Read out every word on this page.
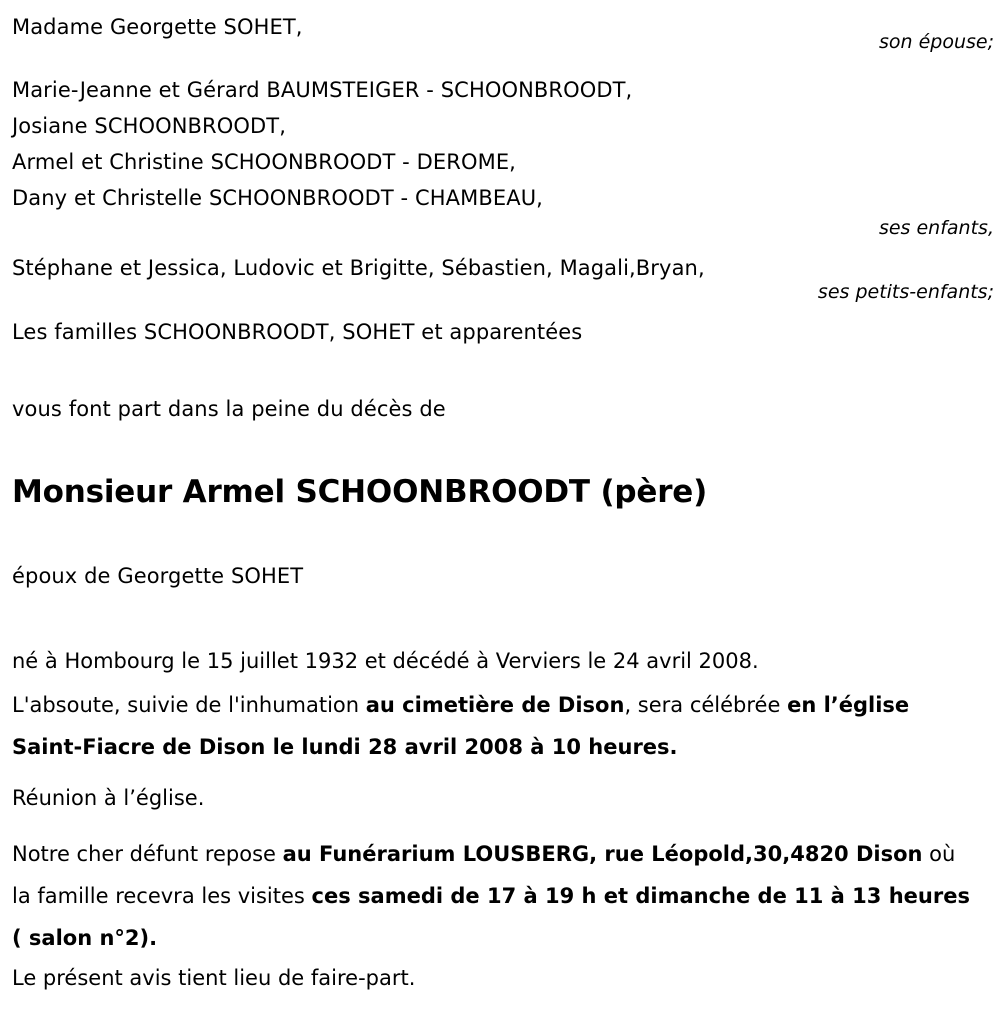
Madame Georgette SOHET,
son épouse;
Marie-Jeanne et Gérard BAUMSTEIGER - SCHOONBROODT,
Josiane SCHOONBROODT,
Armel et Christine SCHOONBROODT - DEROME,
Dany et Christelle SCHOONBROODT - CHAMBEAU,
ses enfants,
Stéphane et Jessica, Ludovic et Brigitte, Sébastien, Magali,Bryan,
ses petits-enfants;
Les familles SCHOONBROODT, SOHET et apparentées
vous font part dans la peine du décès de
Monsieur Armel SCHOONBROODT (père)
époux de Georgette SOHET
né à Hombourg le 15 juillet 1932 et décédé à Verviers le 24 avril 2008.
L'absoute, suivie de l'inhumation au cimetière de Dison, sera célébrée en l’église Saint-Fiacre de Dison le lundi 28 avril 2008 à 10 heures.
Réunion à l’église.
Notre cher défunt repose au Funérarium LOUSBERG, rue Léopold,30,4820 Dison où la famille recevra les visites ces samedi de 17 à 19 h et dimanche de 11 à 13 heures ( salon n°2).
Le présent avis tient lieu de faire-part.
